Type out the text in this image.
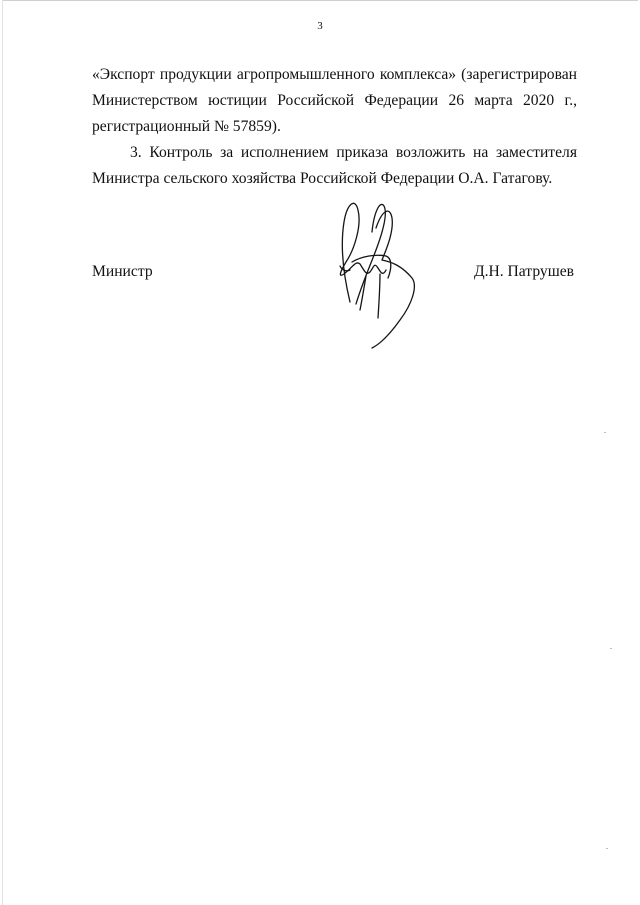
3
«Экспорт продукции агропромышленного комплекса» (зарегистрирован
Министерством юстиции Российской Федерации 26 марта 2020 г.,
регистрационный № 57859).
3. Контроль за исполнением приказа возложить на заместителя
Министра сельского хозяйства Российской Федерации О.А. Гатагову.
Министр	Д.Н. Патрушев
